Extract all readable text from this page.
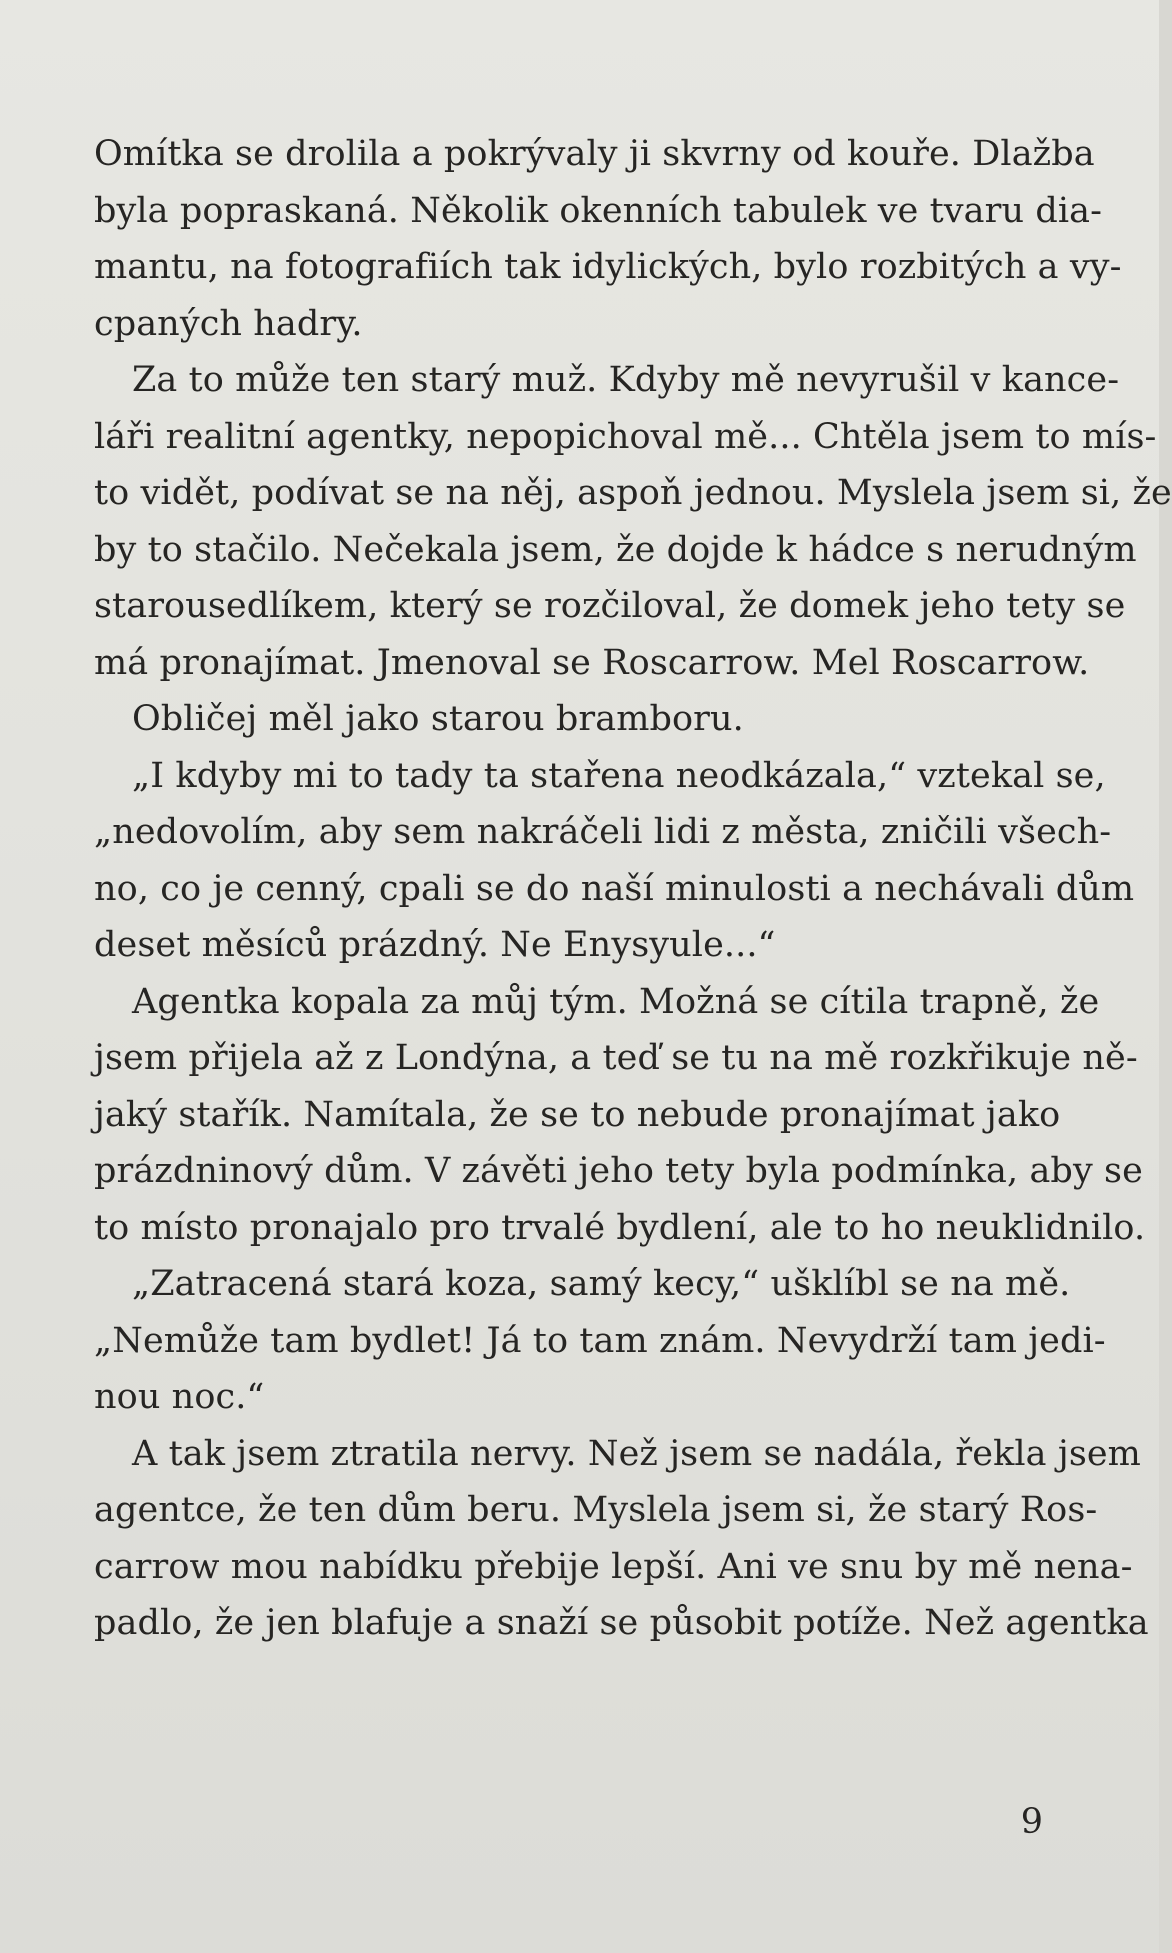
Omítka se drolila a pokrývaly ji skvrny od kouře. Dlažba
byla popraskaná. Několik okenních tabulek ve tvaru dia-
mantu, na fotografiích tak idylických, bylo rozbitých a vy-
cpaných hadry.
Za to může ten starý muž. Kdyby mě nevyrušil v kance-
láři realitní agentky, nepopichoval mě... Chtěla jsem to mís-
to vidět, podívat se na něj, aspoň jednou. Myslela jsem si, že
by to stačilo. Nečekala jsem, že dojde k hádce s nerudným
starousedlíkem, který se rozčiloval, že domek jeho tety se
má pronajímat. Jmenoval se Roscarrow. Mel Roscarrow.
Obličej měl jako starou bramboru.
„I kdyby mi to tady ta stařena neodkázala,“ vztekal se,
„nedovolím, aby sem nakráčeli lidi z města, zničili všech-
no, co je cenný, cpali se do naší minulosti a nechávali dům
deset měsíců prázdný. Ne Enysyule...“
Agentka kopala za můj tým. Možná se cítila trapně, že
jsem přijela až z Londýna, a teď se tu na mě rozkřikuje ně-
jaký stařík. Namítala, že se to nebude pronajímat jako
prázdninový dům. V závěti jeho tety byla podmínka, aby se
to místo pronajalo pro trvalé bydlení, ale to ho neuklidnilo.
„Zatracená stará koza, samý kecy,“ ušklíbl se na mě.
„Nemůže tam bydlet! Já to tam znám. Nevydrží tam jedi-
nou noc.“
A tak jsem ztratila nervy. Než jsem se nadála, řekla jsem
agentce, že ten dům beru. Myslela jsem si, že starý Ros-
carrow mou nabídku přebije lepší. Ani ve snu by mě nena-
padlo, že jen blafuje a snaží se působit potíže. Než agentka
9
